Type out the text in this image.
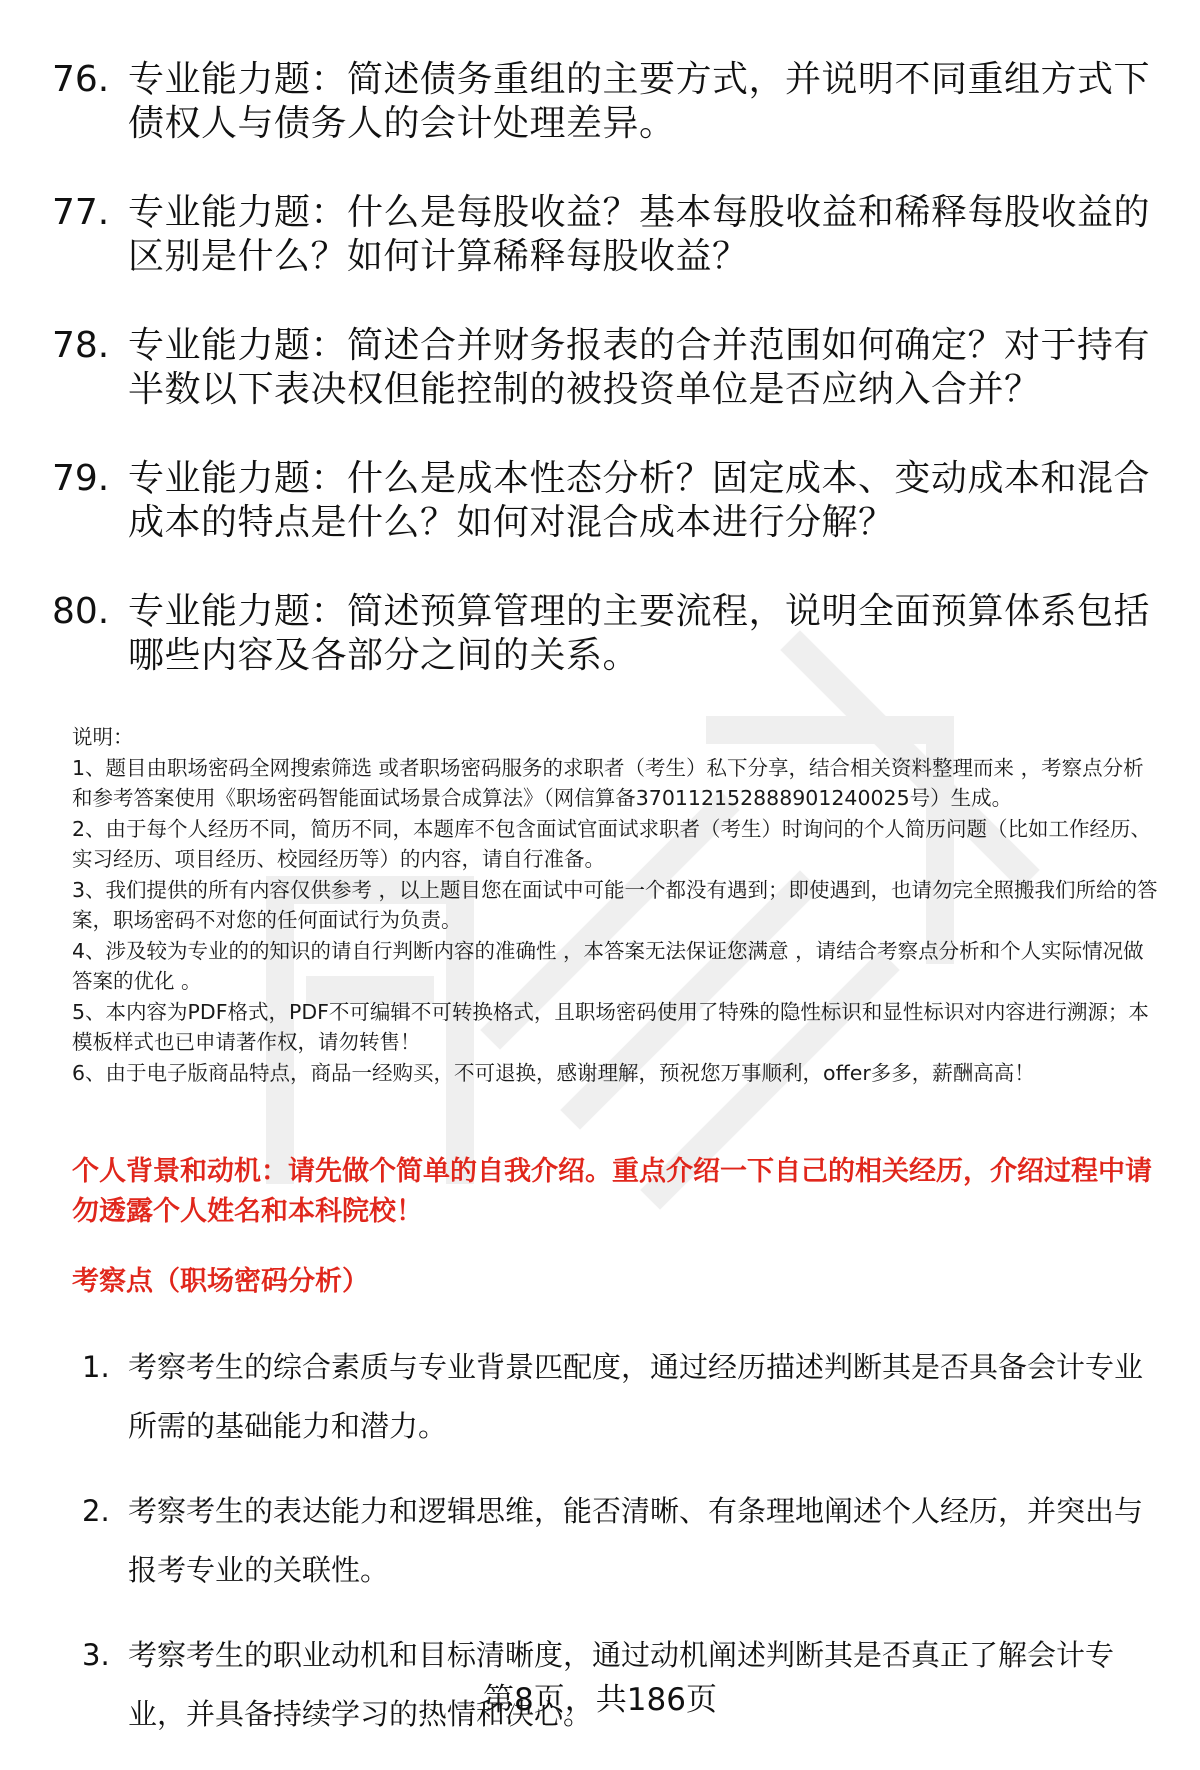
76. 专业能力题：简述债务重组的主要方式，并说明不同重组方式下债权人与债务人的会计处理差异。
77. 专业能力题：什么是每股收益？基本每股收益和稀释每股收益的区别是什么？如何计算稀释每股收益？
78. 专业能力题：简述合并财务报表的合并范围如何确定？对于持有半数以下表决权但能控制的被投资单位是否应纳入合并？
79. 专业能力题：什么是成本性态分析？固定成本、变动成本和混合成本的特点是什么？如何对混合成本进行分解？
80. 专业能力题：简述预算管理的主要流程，说明全面预算体系包括哪些内容及各部分之间的关系。

说明：

1、题目由职场密码全网搜索筛选 或者职场密码服务的求职者（考生）私下分享，结合相关资料整理而来 ，考察点分析和参考答案使用《职场密码智能面试场景合成算法》（网信算备370112152888901240025号）生成。

2、由于每个人经历不同，简历不同，本题库不包含面试官面试求职者（考生）时询问的个人简历问题（比如工作经历、实习经历、项目经历、校园经历等）的内容，请自行准备。

3、我们提供的所有内容仅供参考 ，以上题目您在面试中可能一个都没有遇到；即使遇到，也请勿完全照搬我们所给的答案，职场密码不对您的任何面试行为负责。

4、涉及较为专业的的知识的请自行判断内容的准确性 ，本答案无法保证您满意 ，请结合考察点分析和个人实际情况做答案的优化 。

5、本内容为PDF格式，PDF不可编辑不可转换格式，且职场密码使用了特殊的隐性标识和显性标识对内容进行溯源；本模板样式也已申请著作权，请勿转售！

6、由于电子版商品特点，商品一经购买，不可退换，感谢理解，预祝您万事顺利，offer多多，薪酬高高！

个人背景和动机：请先做个简单的自我介绍。重点介绍一下自己的相关经历，介绍过程中请勿透露个人姓名和本科院校！
考察点（职场密码分析）
1. 考察考生的综合素质与专业背景匹配度，通过经历描述判断其是否具备会计专业所需的基础能力和潜力。
2. 考察考生的表达能力和逻辑思维，能否清晰、有条理地阐述个人经历，并突出与报考专业的关联性。
3. 考察考生的职业动机和目标清晰度，通过动机阐述判断其是否真正了解会计专业，并具备持续学习的热情和决心。
第8页，共186页
